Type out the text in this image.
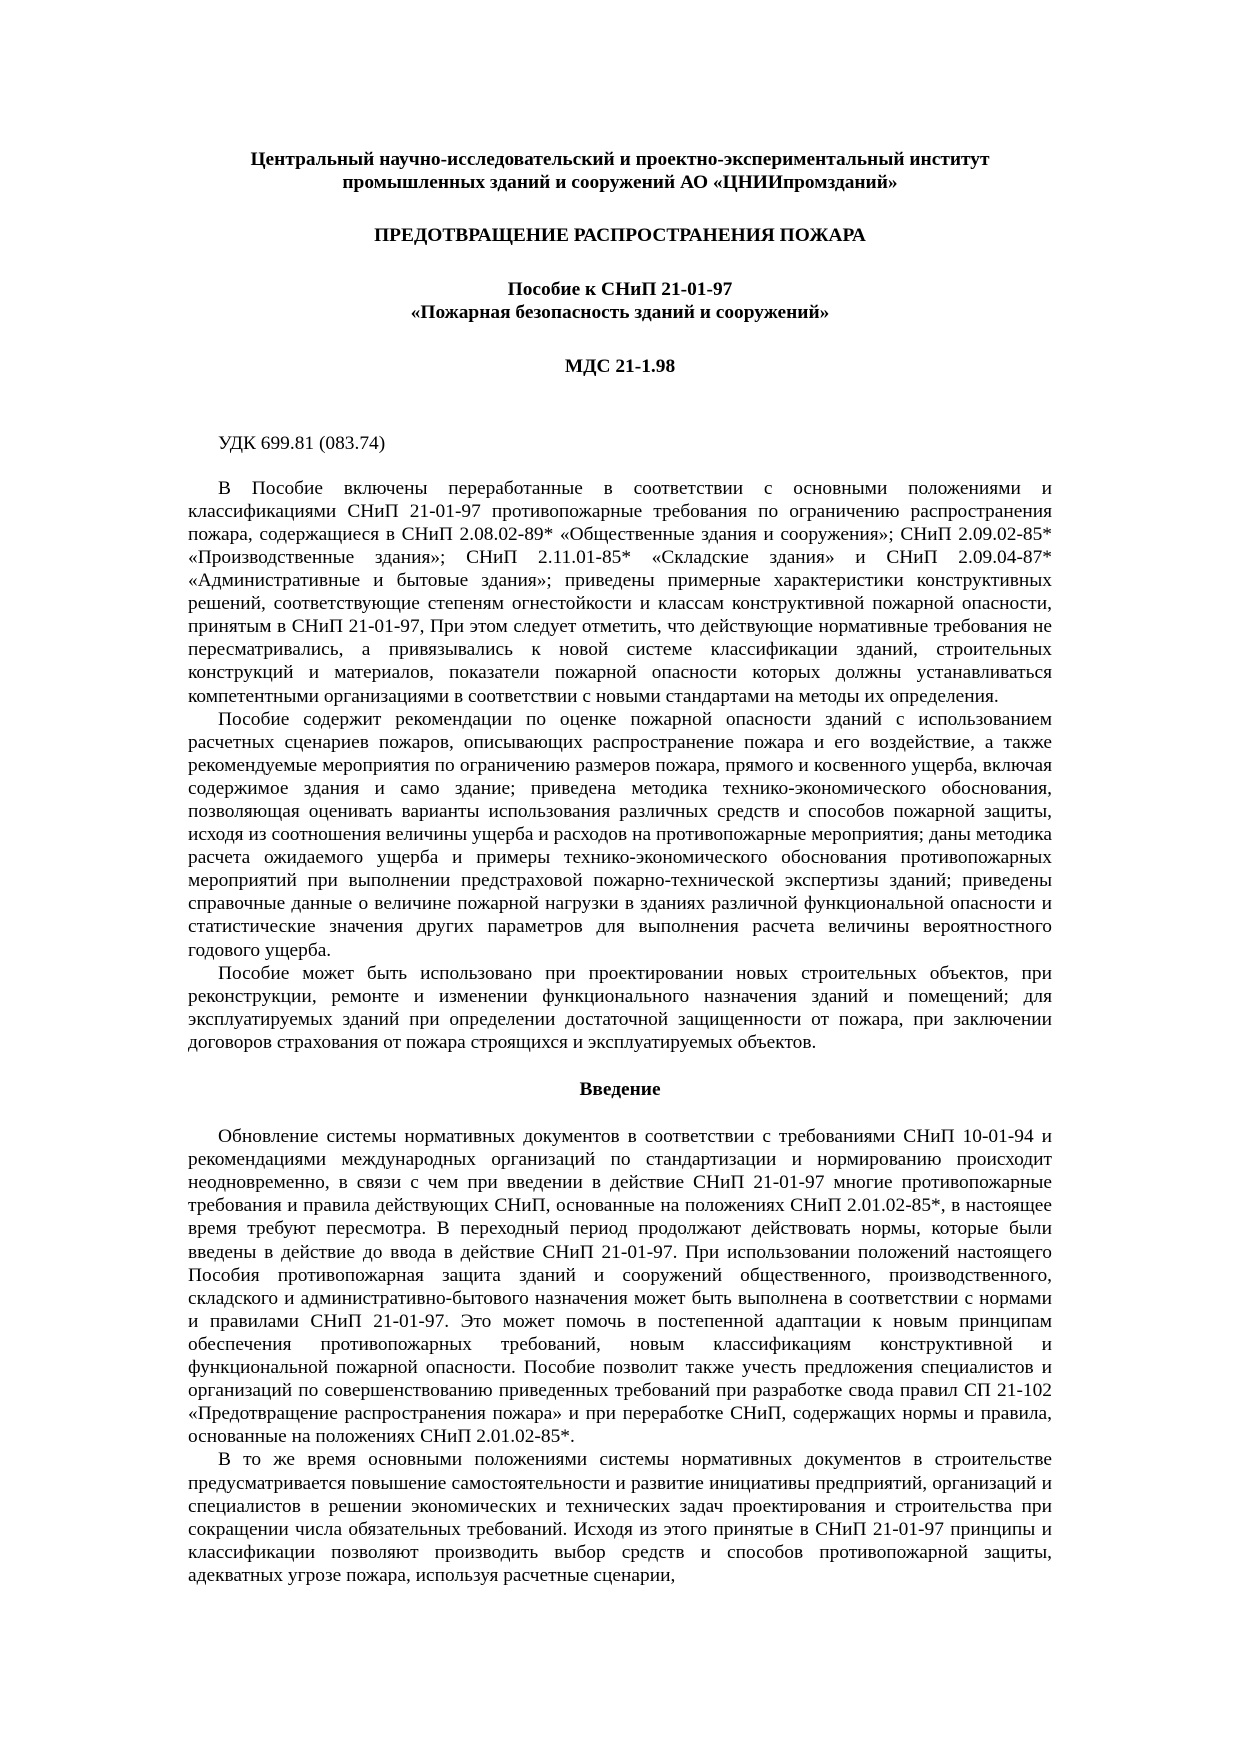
Центральный научно-исследовательский и проектно-экспериментальный институт
промышленных зданий и сооружений АО «ЦНИИпромзданий»
ПРЕДОТВРАЩЕНИЕ РАСПРОСТРАНЕНИЯ ПОЖАРА
Пособие к СНиП 21-01-97
«Пожарная безопасность зданий и сооружений»
МДС 21-1.98

УДК 699.81 (083.74)

В Пособие включены переработанные в соответствии с основными положениями и классификациями СНиП 21-01-97 противопожарные требования по ограничению распространения пожара, содержащиеся в СНиП 2.08.02-89* «Общественные здания и сооружения»; СНиП 2.09.02-85* «Производственные здания»; СНиП 2.11.01-85* «Складские здания» и СНиП 2.09.04-87* «Административные и бытовые здания»; приведены примерные характеристики конструктивных решений, соответствующие степеням огнестойкости и классам конструктивной пожарной опасности, принятым в СНиП 21-01-97, При этом следует отметить, что действующие нормативные требования не пересматривались, а привязывались к новой системе классификации зданий, строительных конструкций и материалов, показатели пожарной опасности которых должны устанавливаться компетентными организациями в соответствии с новыми стандартами на методы их определения.

Пособие содержит рекомендации по оценке пожарной опасности зданий с использованием расчетных сценариев пожаров, описывающих распространение пожара и его воздействие, а также рекомендуемые мероприятия по ограничению размеров пожара, прямого и косвенного ущерба, включая содержимое здания и само здание; приведена методика технико-экономического обоснования, позволяющая оценивать варианты использования различных средств и способов пожарной защиты, исходя из соотношения величины ущерба и расходов на противопожарные мероприятия; даны методика расчета ожидаемого ущерба и примеры технико-экономического обоснования противопожарных мероприятий при выполнении предстраховой пожарно-технической экспертизы зданий; приведены справочные данные о величине пожарной нагрузки в зданиях различной функциональной опасности и статистические значения других параметров для выполнения расчета величины вероятностного годового ущерба.

Пособие может быть использовано при проектировании новых строительных объектов, при реконструкции, ремонте и изменении функционального назначения зданий и помещений; для эксплуатируемых зданий при определении достаточной защищенности от пожара, при заключении договоров страхования от пожара строящихся и эксплуатируемых объектов.

Введение

Обновление системы нормативных документов в соответствии с требованиями СНиП 10-01-94 и рекомендациями международных организаций по стандартизации и нормированию происходит неодновременно, в связи с чем при введении в действие СНиП 21-01-97 многие противопожарные требования и правила действующих СНиП, основанные на положениях СНиП 2.01.02-85*, в настоящее время требуют пересмотра. В переходный период продолжают действовать нормы, которые были введены в действие до ввода в действие СНиП 21-01-97. При использовании положений настоящего Пособия противопожарная защита зданий и сооружений общественного, производственного, складского и административно-бытового назначения может быть выполнена в соответствии с нормами и правилами СНиП 21-01-97. Это может помочь в постепенной адаптации к новым принципам обеспечения противопожарных требований, новым классификациям конструктивной и функциональной пожарной опасности. Пособие позволит также учесть предложения специалистов и организаций по совершенствованию приведенных требований при разработке свода правил СП 21-102 «Предотвращение распространения пожара» и при переработке СНиП, содержащих нормы и правила, основанные на положениях СНиП 2.01.02-85*.

В то же время основными положениями системы нормативных документов в строительстве предусматривается повышение самостоятельности и развитие инициативы предприятий, организаций и специалистов в решении экономических и технических задач проектирования и строительства при сокращении числа обязательных требований. Исходя из этого принятые в СНиП 21-01-97 принципы и классификации позволяют производить выбор средств и способов противопожарной защиты, адекватных угрозе пожара, используя расчетные сценарии,
